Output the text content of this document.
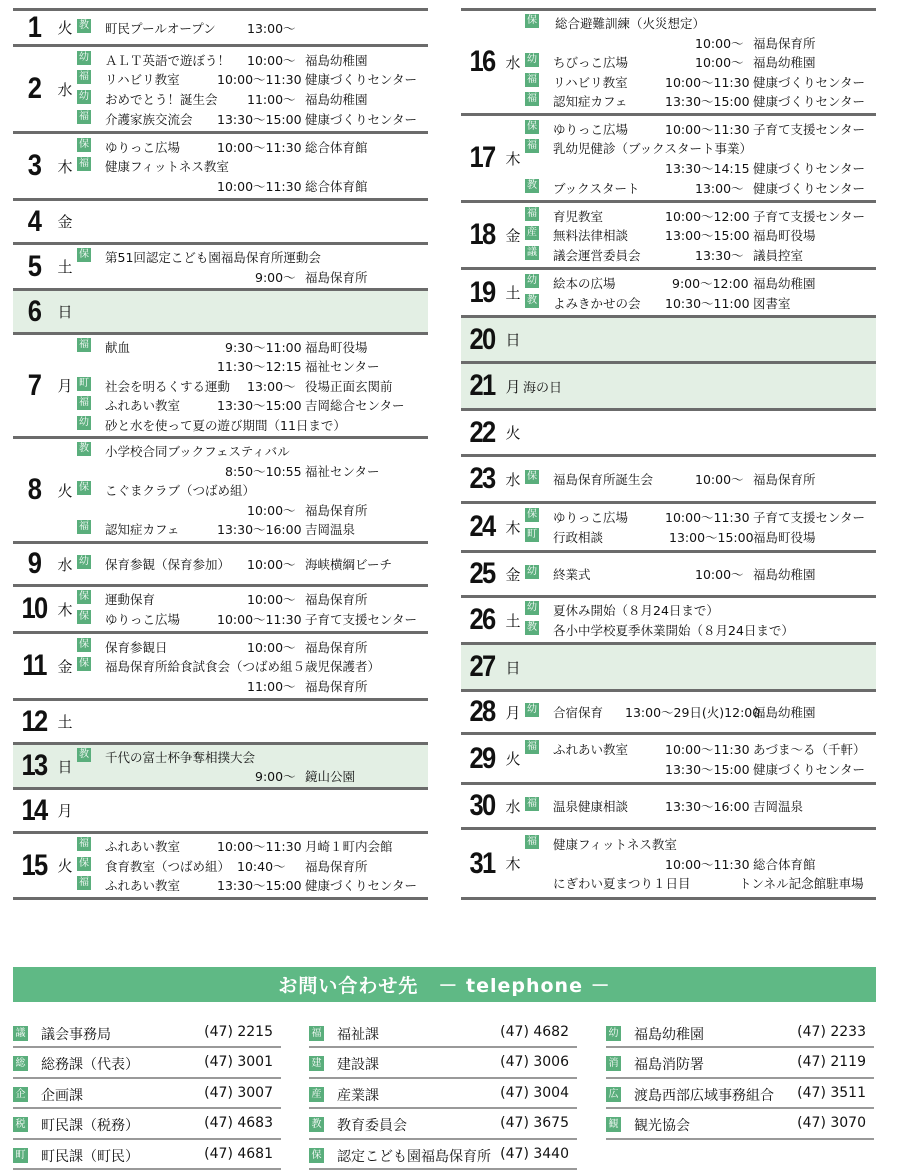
1	火 教 町民プールオープン 13:00〜
2	水
幼 ＡＬＴ英語で遊ぼう！ 10:00〜 福島幼稚園
福 リハビリ教室	10:00〜11:30 健康づくりセンター
幼 おめでとう！誕生会 11:00〜 福島幼稚園
福 介護家族交流会 13:30〜15:00 健康づくりセンター
3	木
保 ゆりっこ広場	10:00〜11:30 総合体育館
福 健康フィットネス教室
10:00〜11:30 総合体育館
4	金
5	土
保 第51回認定こども園福島保育所運動会
9:00〜 福島保育所
6	日
7	月
福 献血	9:30〜11:00 福島町役場
11:30〜12:15 福祉センター
町 社会を明るくする運動 13:00〜 役場正面玄関前
福 ふれあい教室	13:30〜15:00 吉岡総合センター
幼 砂と水を使って夏の遊び期間（11日まで）
8	火
教 小学校合同ブックフェスティバル
8:50〜10:55 福祉センター
保 こぐまクラブ（つばめ組）
10:00〜 福島保育所
福 認知症カフェ	13:30〜16:00 吉岡温泉
9	水 幼 保育参観（保育参加） 10:00〜 海峡横綱ビーチ
10 木
保 運動保育	10:00〜 福島保育所
保 ゆりっこ広場	10:00〜11:30 子育て支援センター
11 金
保 保育参観日	10:00〜 福島保育所
保 福島保育所給食試食会（つばめ組５歳児保護者）
11:00〜 福島保育所
12 土
13 日
教 千代の富士杯争奪相撲大会
9:00〜 鏡山公園
14 月
15 火
福 ふれあい教室	10:00〜11:30 月崎１町内会館
保 食育教室（つばめ組） 10:40〜 福島保育所
福 ふれあい教室	13:30〜15:00 健康づくりセンター
16 水
保 総合避難訓練（火災想定）
10:00〜 福島保育所
幼 ちびっこ広場	10:00〜 福島幼稚園
福 リハビリ教室	10:00〜11:30 健康づくりセンター
福 認知症カフェ	13:30〜15:00 健康づくりセンター
17 木
保 ゆりっこ広場	10:00〜11:30 子育て支援センター
福 乳幼児健診（ブックスタート事業）
13:30〜14:15 健康づくりセンター
教 ブックスタート	13:00〜 健康づくりセンター
18 金
福 育児教室	10:00〜12:00 子育て支援センター
産 無料法律相談	13:00〜15:00 福島町役場
議 議会運営委員会	13:30〜 議員控室
19 土
幼 絵本の広場	9:00〜12:00 福島幼稚園
教 よみきかせの会 10:30〜11:00 図書室
20 日
21 月 海の日
22 火
23 水 保 福島保育所誕生会	10:00〜 福島保育所
24 木
保 ゆりっこ広場	10:00〜11:30 子育て支援センター
町 行政相談	13:00〜15:00 福島町役場
25 金 幼 終業式	10:00〜 福島幼稚園
26 土
幼 夏休み開始（８月24日まで）
教 各小中学校夏季休業開始（８月24日まで）
27 日
28 月 幼 合宿保育 13:00〜29日(火)12:00
福島幼稚園
29 火
福 ふれあい教室	10:00〜11:30 あづま〜る（千軒）
13:30〜15:00 健康づくりセンター
30 水 福 温泉健康相談	13:30〜16:00 吉岡温泉
31 木
福 健康フィットネス教室
10:00〜11:30 総合体育館
にぎわい夏まつり１日目	トンネル記念館駐車場
お問い合わせ先　－ telephone －
議 議会事務局	(47) 2215
総 総務課（代表）	(47) 3001
企 企画課	(47) 3007
税 町民課（税務）	(47) 4683
町 町民課（町民）	(47) 4681
福 福祉課	(47) 4682
建 建設課	(47) 3006
産 産業課	(47) 3004
教 教育委員会	(47) 3675
保 認定こども園福島保育所 (47) 3440
幼 福島幼稚園	(47) 2233
消 福島消防署	(47) 2119
広 渡島西部広域事務組合 (47) 3511
観 観光協会	(47) 3070
